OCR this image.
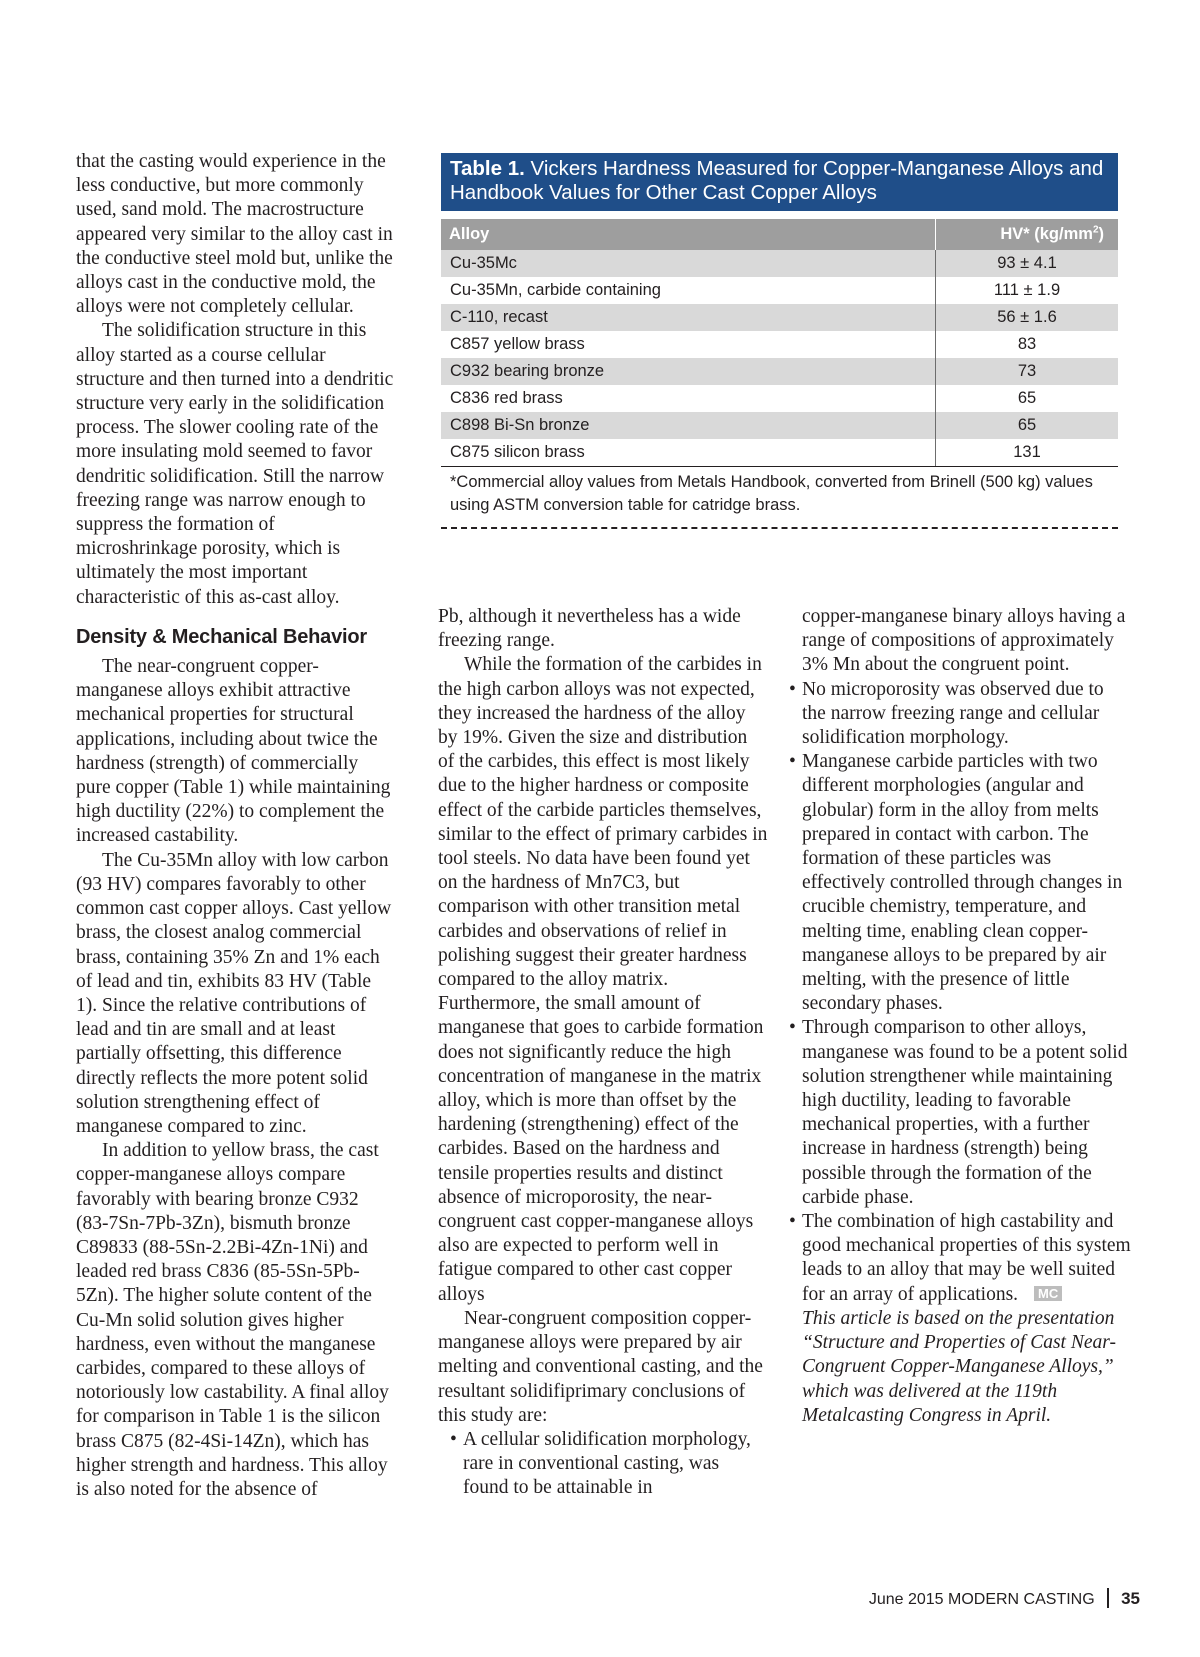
that the casting would experience in the less conductive, but more commonly used, sand mold. The macrostructure appeared very similar to the alloy cast in the conductive steel mold but, unlike the alloys cast in the conductive mold, the alloys were not completely cellular.

The solidification structure in this alloy started as a course cellular structure and then turned into a dendritic structure very early in the solidification process. The slower cooling rate of the more insulating mold seemed to favor dendritic solidification. Still the narrow freezing range was narrow enough to suppress the formation of microshrinkage porosity, which is ultimately the most important characteristic of this as-cast alloy.

Density & Mechanical Behavior

The near-congruent copper-manganese alloys exhibit attractive mechanical properties for structural applications, including about twice the hardness (strength) of commercially pure copper (Table 1) while maintaining high ductility (22%) to complement the increased castability.

The Cu-35Mn alloy with low carbon (93 HV) compares favorably to other common cast copper alloys. Cast yellow brass, the closest analog commercial brass, containing 35% Zn and 1% each of lead and tin, exhibits 83 HV (Table 1). Since the relative contributions of lead and tin are small and at least partially offsetting, this difference directly reflects the more potent solid solution strengthening effect of manganese compared to zinc.

In addition to yellow brass, the cast copper-manganese alloys compare favorably with bearing bronze C932 (83-7Sn-7Pb-3Zn), bismuth bronze C89833 (88-5Sn-2.2Bi-4Zn-1Ni) and leaded red brass C836 (85-5Sn-5Pb-5Zn). The higher solute content of the Cu-Mn solid solution gives higher hardness, even without the manganese carbides, compared to these alloys of notoriously low castability. A final alloy for comparison in Table 1 is the silicon brass C875 (82-4Si-14Zn), which has higher strength and hardness. This alloy is also noted for the absence of

Table 1. Vickers Hardness Measured for Copper-Manganese Alloys and Handbook Values for Other Cast Copper Alloys
Alloy	HV* $(kg/mm^2)$
Cu-35Mc	93 ± 4.1
Cu-35Mn, carbide containing	111 ± 1.9
C-110, recast	56 ± 1.6
C857 yellow brass	83
C932 bearing bronze	73
C836 red brass	65
C898 Bi-Sn bronze	65
C875 silicon brass	131
*Commercial alloy values from Metals Handbook, converted from Brinell (500 kg) values using ASTM conversion table for catridge brass.

Pb, although it nevertheless has a wide freezing range.

While the formation of the carbides in the high carbon alloys was not expected, they increased the hardness of the alloy by 19%. Given the size and distribution of the carbides, this effect is most likely due to the higher hardness or composite effect of the carbide particles themselves, similar to the effect of primary carbides in tool steels. No data have been found yet on the hardness of Mn7C3, but comparison with other transition metal carbides and observations of relief in polishing suggest their greater hardness compared to the alloy matrix. Furthermore, the small amount of manganese that goes to carbide formation does not significantly reduce the high concentration of manganese in the matrix alloy, which is more than offset by the hardening (strengthening) effect of the carbides. Based on the hardness and tensile properties results and distinct absence of microporosity, the near-congruent cast copper-manganese alloys also are expected to perform well in fatigue compared to other cast copper alloys

Near-congruent composition copper-manganese alloys were prepared by air melting and conventional casting, and the resultant solidifiprimary conclusions of this study are:

• A cellular solidification morphology, rare in conventional casting, was found to be attainable in

copper-manganese binary alloys having a range of compositions of approximately 3% Mn about the congruent point.

• No microporosity was observed due to the narrow freezing range and cellular solidification morphology.
• Manganese carbide particles with two different morphologies (angular and globular) form in the alloy from melts prepared in contact with carbon. The formation of these particles was effectively controlled through changes in crucible chemistry, temperature, and melting time, enabling clean copper-manganese alloys to be prepared by air melting, with the presence of little secondary phases.
• Through comparison to other alloys, manganese was found to be a potent solid solution strengthener while maintaining high ductility, leading to favorable mechanical properties, with a further increase in hardness (strength) being possible through the formation of the carbide phase.
• The combination of high castability and good mechanical properties of this system leads to an alloy that may be well suited for an array of applications. MC

This article is based on the presentation “Structure and Properties of Cast Near-Congruent Copper-Manganese Alloys,” which was delivered at the 119th Metalcasting Congress in April.

June 2015 MODERN CASTING 35
